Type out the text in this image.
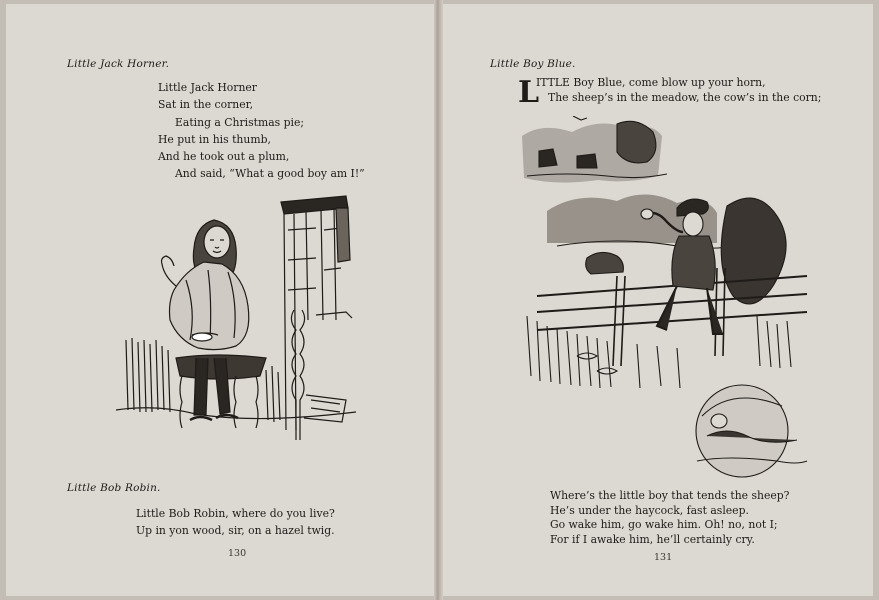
Little Jack Horner.
Little Jack Horner
Sat in the corner,
Eating a Christmas pie;
He put in his thumb,
And he took out a plum,
And said, “What a good boy am I!”
Little Bob Robin.
Little Bob Robin, where do you live?
Up in yon wood, sir, on a hazel twig.
130
Little Boy Blue.
L
ITTLE Boy Blue, come blow up your horn,
The sheep’s in the meadow, the cow’s in the corn;
Where’s the little boy that tends the sheep?
He’s under the haycock, fast asleep.
Go wake him, go wake him. Oh! no, not I;
For if I awake him, he’ll certainly cry.
131
